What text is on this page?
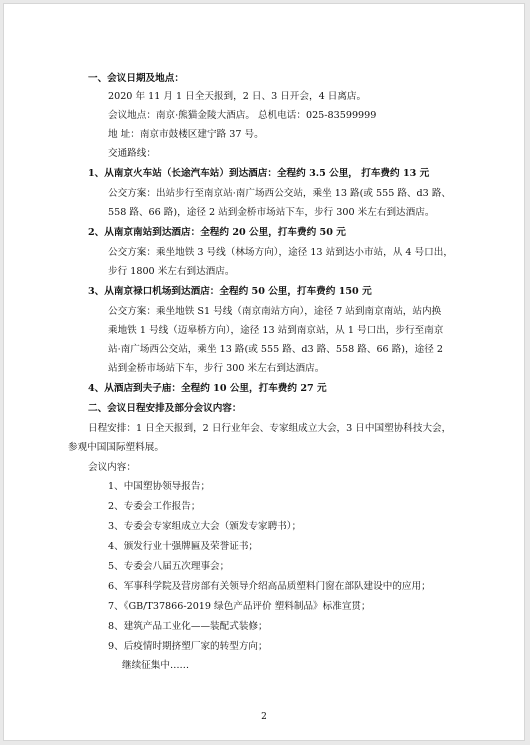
一、会议日期及地点：
2020 年 11 月 1 日全天报到，2 日、3 日开会，4 日离店。
会议地点：南京·熊猫金陵大酒店。 总机电话：025-83599999
地 址：南京市鼓楼区建宁路 37 号。
交通路线：
1、从南京火车站（长途汽车站）到达酒店：全程约 3.5 公里， 打车费约 13 元
公交方案：出站步行至南京站·南广场西公交站，乘坐 13 路(或 555 路、d3 路、
558 路、66 路)，途径 2 站到金桥市场站下车，步行 300 米左右到达酒店。
2、从南京南站到达酒店：全程约 20 公里，打车费约 50 元
公交方案：乘坐地铁 3 号线（林场方向），途径 13 站到达小市站，从 4 号口出，
步行 1800 米左右到达酒店。
3、从南京禄口机场到达酒店：全程约 50 公里，打车费约 150 元
公交方案：乘坐地铁 S1 号线（南京南站方向），途径 7 站到南京南站，站内换
乘地铁 1 号线（迈皋桥方向），途径 13 站到南京站，从 1 号口出，步行至南京
站·南广场西公交站，乘坐 13 路(或 555 路、d3 路、558 路、66 路)，途径 2
站到金桥市场站下车，步行 300 米左右到达酒店。
4、从酒店到夫子庙：全程约 10 公里，打车费约 27 元
二、会议日程安排及部分会议内容：
日程安排：1 日全天报到，2 日行业年会、专家组成立大会，3 日中国塑协科技大会，
参观中国国际塑料展。
会议内容：
1、中国塑协领导报告；
2、专委会工作报告；
3、专委会专家组成立大会（颁发专家聘书）；
4、颁发行业十强牌匾及荣誉证书；
5、专委会八届五次理事会；
6、军事科学院及营房部有关领导介绍高品质塑料门窗在部队建设中的应用；
7、《GB/T37866-2019 绿色产品评价 塑料制品》标准宣贯；
8、建筑产品工业化——装配式装修；
9、后疫情时期挤塑厂家的转型方向；
继续征集中……
2
